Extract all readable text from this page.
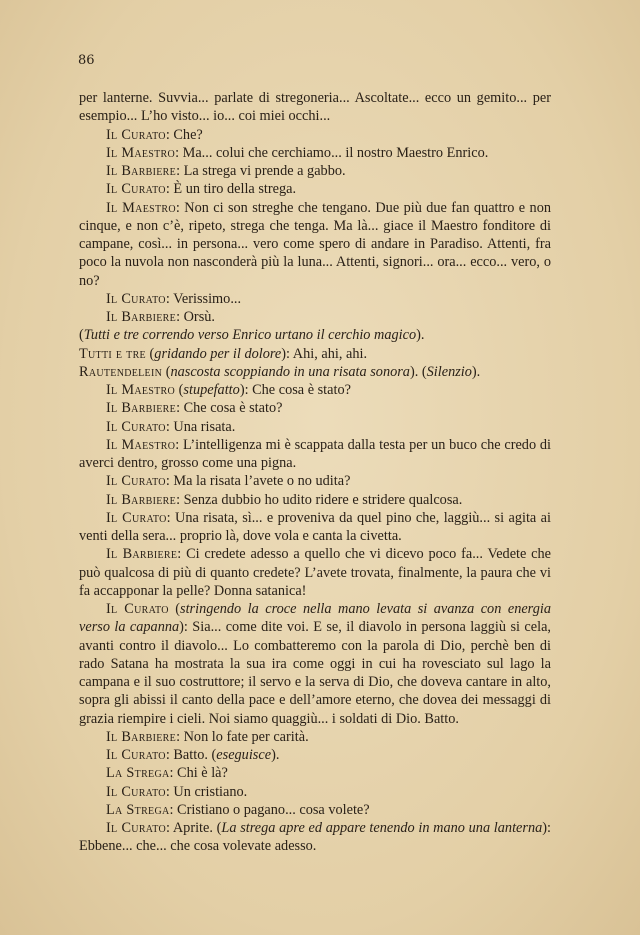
86

per lanterne. Suvvia... parlate di stregoneria... Ascoltate... ecco un gemito... per esempio... L’ho visto... io... coi miei occhi...

Il Curato: Che?

Il Maestro: Ma... colui che cerchiamo... il nostro Maestro Enrico.

Il Barbiere: La strega vi prende a gabbo.

Il Curato: È un tiro della strega.

Il Maestro: Non ci son streghe che tengano. Due più due fan quattro e non cinque, e non c’è, ripeto, strega che tenga. Ma là... giace il Maestro fonditore di campane, così... in persona... vero come spero di andare in Paradiso. Attenti, fra poco la nuvola non nasconderà più la luna... Attenti, signori... ora... ecco... vero, o no?

Il Curato: Verissimo...

Il Barbiere: Orsù.

(Tutti e tre correndo verso Enrico urtano il cerchio magico).

Tutti e tre (gridando per il dolore): Ahi, ahi, ahi.

Rautendelein (nascosta scoppiando in una risata sonora). (Silenzio).

Il Maestro (stupefatto): Che cosa è stato?

Il Barbiere: Che cosa è stato?

Il Curato: Una risata.

Il Maestro: L’intelligenza mi è scappata dalla testa per un buco che credo di averci dentro, grosso come una pigna.

Il Curato: Ma la risata l’avete o no udita?

Il Barbiere: Senza dubbio ho udito ridere e stridere qualcosa.

Il Curato: Una risata, sì... e proveniva da quel pino che, laggiù... si agita ai venti della sera... proprio là, dove vola e canta la civetta.

Il Barbiere: Ci credete adesso a quello che vi dicevo poco fa... Vedete che può qualcosa di più di quanto credete? L’avete trovata, finalmente, la paura che vi fa accapponar la pelle? Donna satanica!

Il Curato (stringendo la croce nella mano levata si avanza con energia verso la capanna): Sia... come dite voi. E se, il diavolo in persona laggiù si cela, avanti contro il diavolo... Lo combatteremo con la parola di Dio, perchè ben di rado Satana ha mostrata la sua ira come oggi in cui ha rovesciato sul lago la campana e il suo costruttore; il servo e la serva di Dio, che doveva cantare in alto, sopra gli abissi il canto della pace e dell’amore eterno, che dovea dei messaggi di grazia riempire i cieli. Noi siamo quaggiù... i soldati di Dio. Batto.

Il Barbiere: Non lo fate per carità.

Il Curato: Batto. (eseguisce).

La Strega: Chi è là?

Il Curato: Un cristiano.

La Strega: Cristiano o pagano... cosa volete?

Il Curato: Aprite. (La strega apre ed appare tenendo in mano una lanterna): Ebbene... che... che cosa volevate adesso.
